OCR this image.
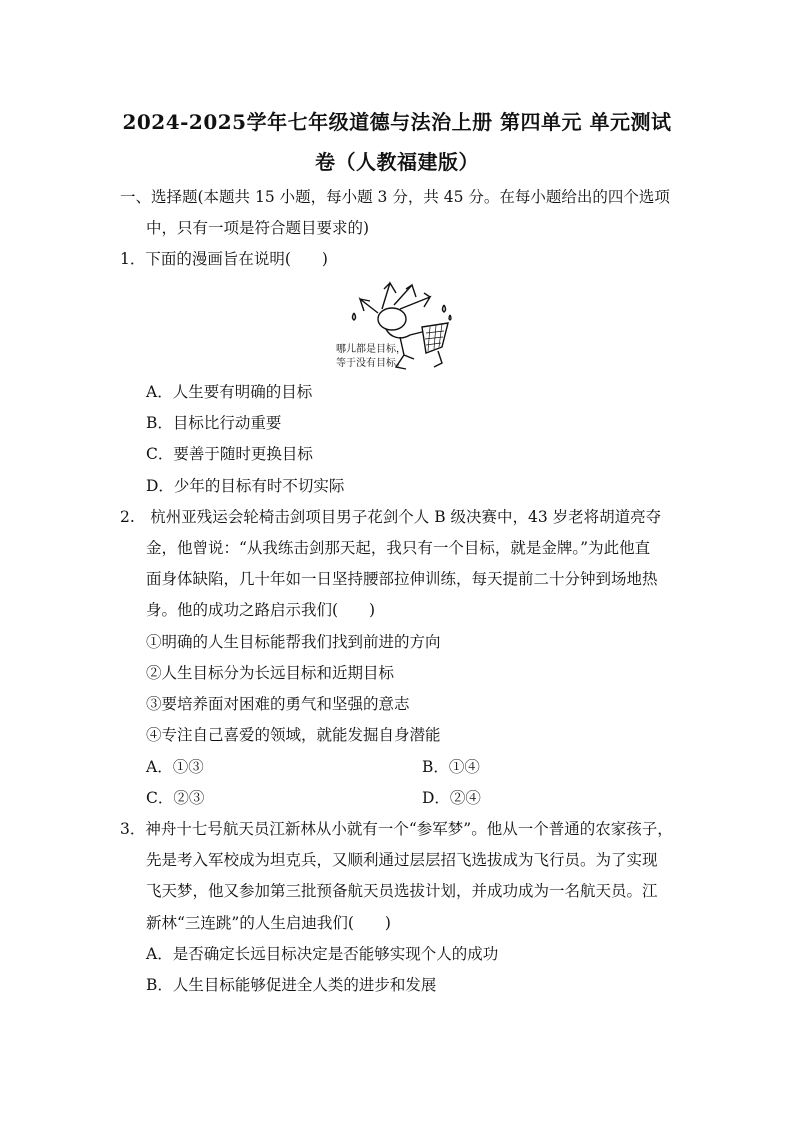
2024-2025学年七年级道德与法治上册 第四单元 单元测试
卷（人教福建版）
一、选择题(本题共 15 小题，每小题 3 分，共 45 分。在每小题给出的四个选项
中，只有一项是符合题目要求的)
1．下面的漫画旨在说明(　　)
哪儿都是目标，
等于没有目标。
A．人生要有明确的目标
B．目标比行动重要
C．要善于随时更换目标
D．少年的目标有时不切实际
2.　杭州亚残运会轮椅击剑项目男子花剑个人 B 级决赛中，43 岁老将胡道亮夺
金，他曾说：“从我练击剑那天起，我只有一个目标，就是金牌。”为此他直
面身体缺陷，几十年如一日坚持腰部拉伸训练，每天提前二十分钟到场地热
身。他的成功之路启示我们(　　)
①明确的人生目标能帮我们找到前进的方向
②人生目标分为长远目标和近期目标
③要培养面对困难的勇气和坚强的意志
④专注自己喜爱的领域，就能发掘自身潜能
A．①③	B．①④
C．②③	D．②④
3．神舟十七号航天员江新林从小就有一个“参军梦”。他从一个普通的农家孩子，
先是考入军校成为坦克兵，又顺利通过层层招飞选拔成为飞行员。为了实现
飞天梦，他又参加第三批预备航天员选拔计划，并成功成为一名航天员。江
新林“三连跳”的人生启迪我们(　　)
A．是否确定长远目标决定是否能够实现个人的成功
B．人生目标能够促进全人类的进步和发展
